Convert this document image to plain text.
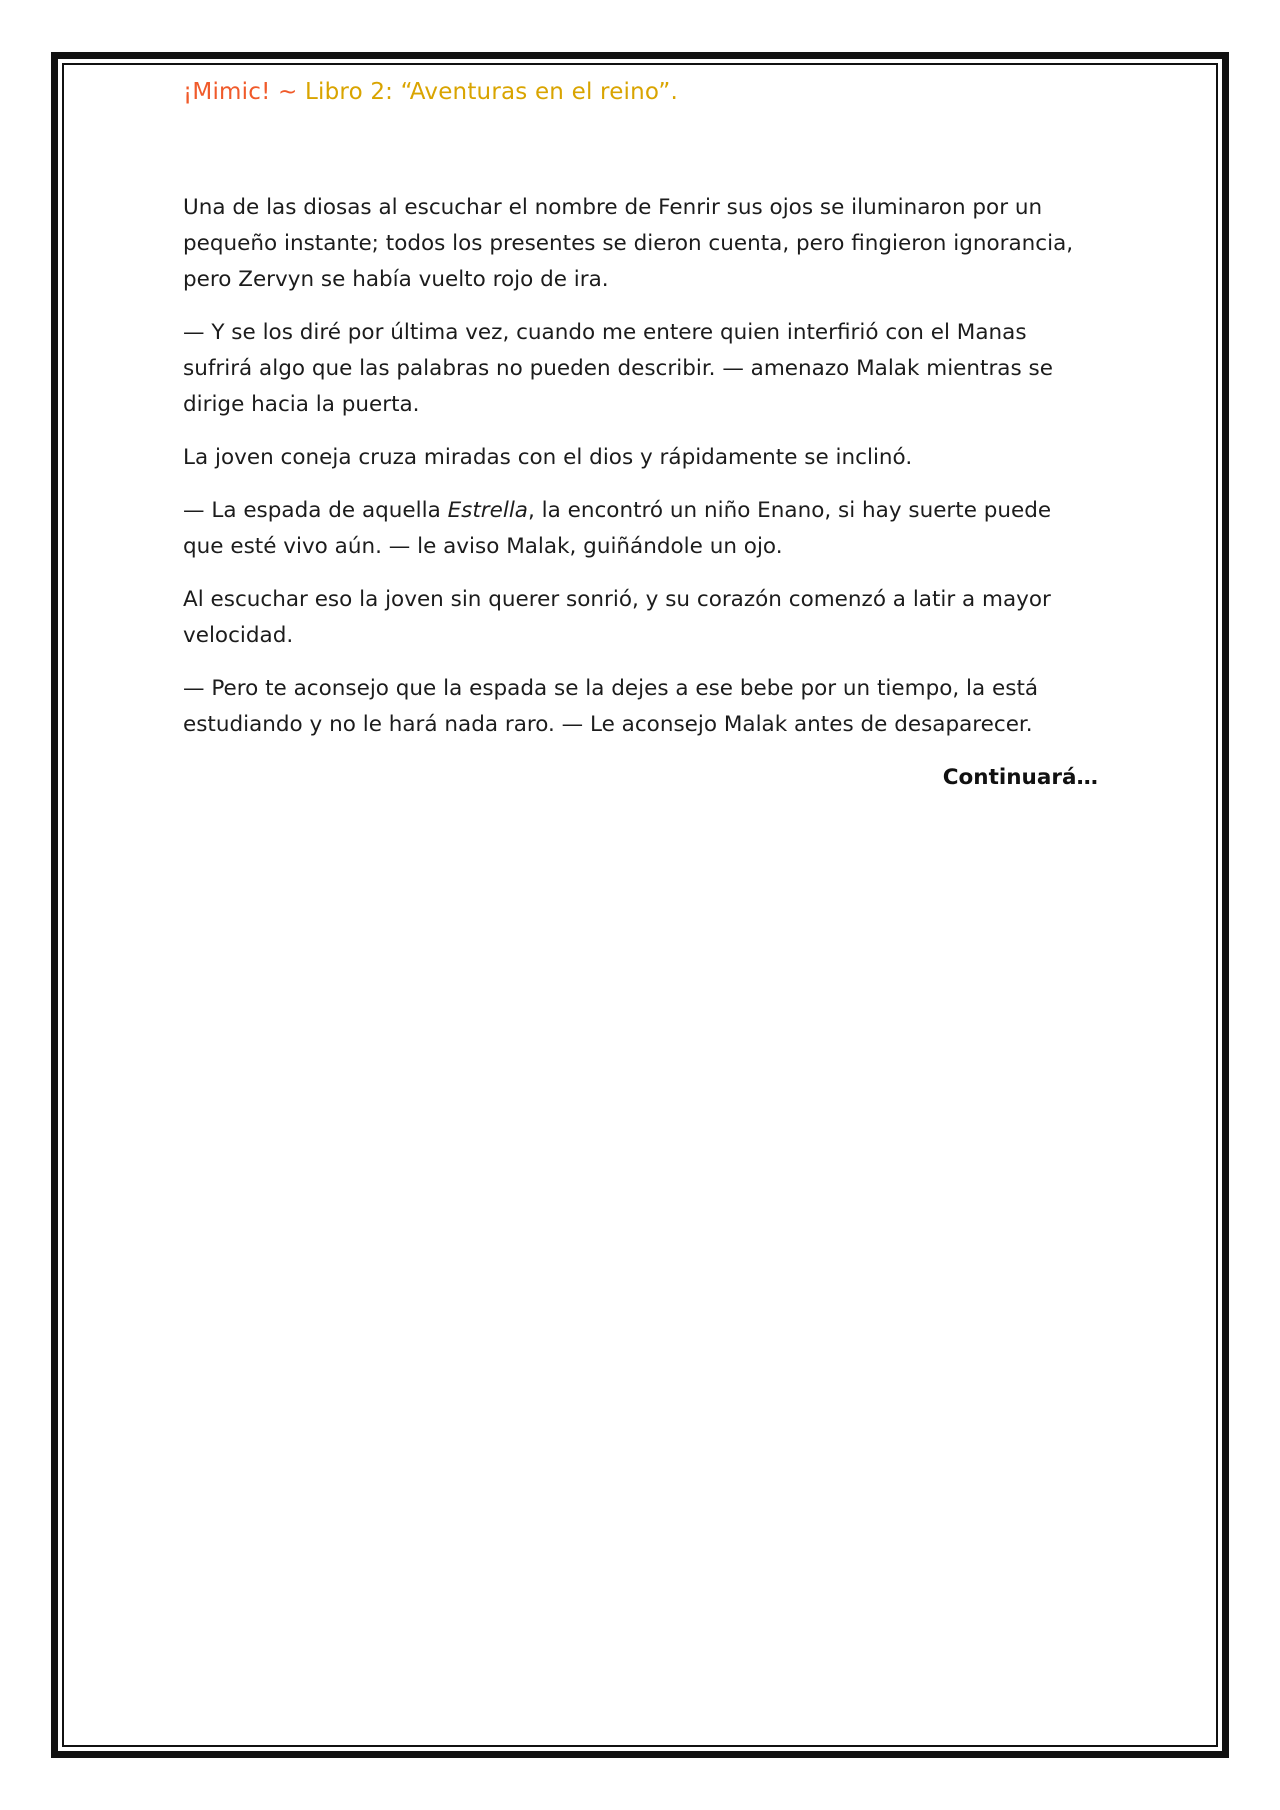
¡Mimic! ~ Libro 2: “Aventuras en el reino”.

Una de las diosas al escuchar el nombre de Fenrir sus ojos se iluminaron por un pequeño instante; todos los presentes se dieron cuenta, pero fingieron ignorancia, pero Zervyn se había vuelto rojo de ira.

— Y se los diré por última vez, cuando me entere quien interfirió con el Manas sufrirá algo que las palabras no pueden describir. — amenazo Malak mientras se dirige hacia la puerta.

La joven coneja cruza miradas con el dios y rápidamente se inclinó.

— La espada de aquella Estrella, la encontró un niño Enano, si hay suerte puede que esté vivo aún. — le aviso Malak, guiñándole un ojo.

Al escuchar eso la joven sin querer sonrió, y su corazón comenzó a latir a mayor velocidad.

— Pero te aconsejo que la espada se la dejes a ese bebe por un tiempo, la está estudiando y no le hará nada raro. — Le aconsejo Malak antes de desaparecer.

Continuará…
